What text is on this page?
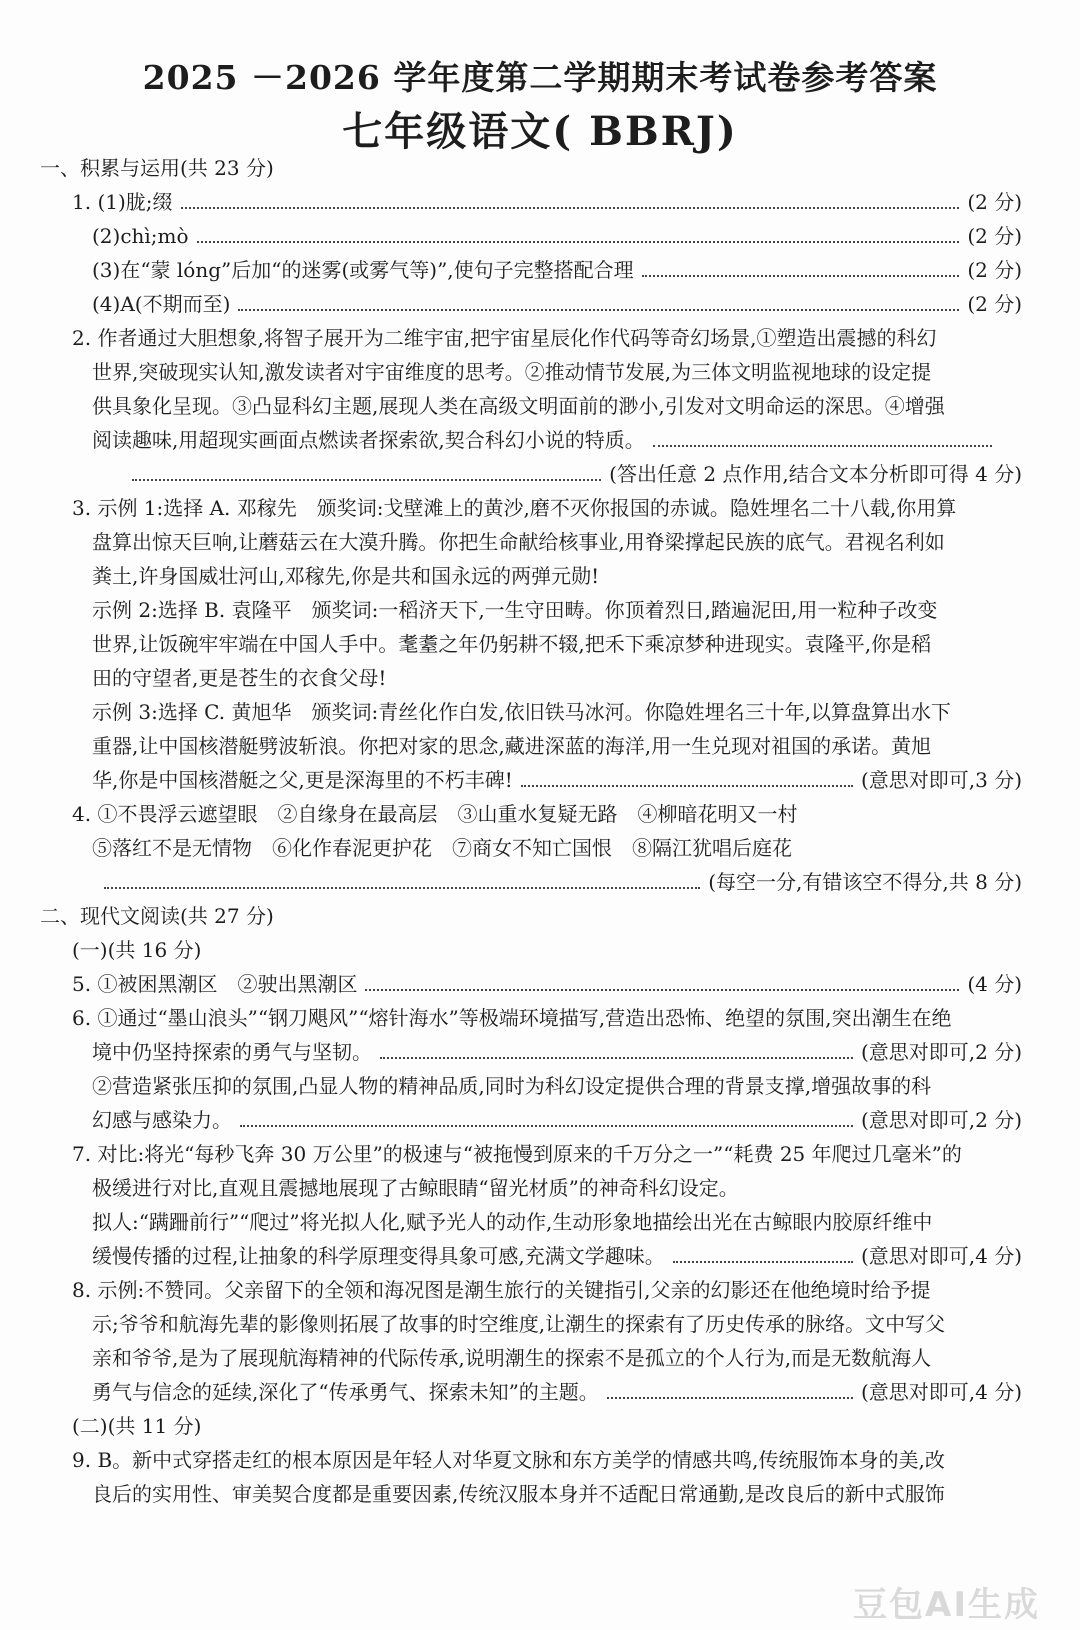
2025 －2026 学年度第二学期期末考试卷参考答案
七年级语文( BBRJ)
一、积累与运用(共 23 分)
1. (1)胧;缀	(2 分)
(2)chì;mò	(2 分)
(3)在“蒙 lóng”后加“的迷雾(或雾气等)”,使句子完整搭配合理	(2 分)
(4)A(不期而至)	(2 分)
2. 作者通过大胆想象,将智子展开为二维宇宙,把宇宙星辰化作代码等奇幻场景,①塑造出震撼的科幻
世界,突破现实认知,激发读者对宇宙维度的思考。②推动情节发展,为三体文明监视地球的设定提
供具象化呈现。③凸显科幻主题,展现人类在高级文明面前的渺小,引发对文明命运的深思。④增强
阅读趣味,用超现实画面点燃读者探索欲,契合科幻小说的特质。
(答出任意 2 点作用,结合文本分析即可得 4 分)
3. 示例 1:选择 A. 邓稼先　颁奖词:戈壁滩上的黄沙,磨不灭你报国的赤诚。隐姓埋名二十八载,你用算
盘算出惊天巨响,让蘑菇云在大漠升腾。你把生命献给核事业,用脊梁撑起民族的底气。君视名利如
粪土,许身国威壮河山,邓稼先,你是共和国永远的两弹元勋!
示例 2:选择 B. 袁隆平　颁奖词:一稻济天下,一生守田畴。你顶着烈日,踏遍泥田,用一粒种子改变
世界,让饭碗牢牢端在中国人手中。耄耋之年仍躬耕不辍,把禾下乘凉梦种进现实。袁隆平,你是稻
田的守望者,更是苍生的衣食父母!
示例 3:选择 C. 黄旭华　颁奖词:青丝化作白发,依旧铁马冰河。你隐姓埋名三十年,以算盘算出水下
重器,让中国核潜艇劈波斩浪。你把对家的思念,藏进深蓝的海洋,用一生兑现对祖国的承诺。黄旭
华,你是中国核潜艇之父,更是深海里的不朽丰碑!	(意思对即可,3 分)
4. ①不畏浮云遮望眼　②自缘身在最高层　③山重水复疑无路　④柳暗花明又一村
⑤落红不是无情物　⑥化作春泥更护花　⑦商女不知亡国恨　⑧隔江犹唱后庭花
(每空一分,有错该空不得分,共 8 分)
二、现代文阅读(共 27 分)
(一)(共 16 分)
5. ①被困黑潮区　②驶出黑潮区	(4 分)
6. ①通过“墨山浪头”“钢刀飓风”“熔针海水”等极端环境描写,营造出恐怖、绝望的氛围,突出潮生在绝
境中仍坚持探索的勇气与坚韧。	(意思对即可,2 分)
②营造紧张压抑的氛围,凸显人物的精神品质,同时为科幻设定提供合理的背景支撑,增强故事的科
幻感与感染力。	(意思对即可,2 分)
7. 对比:将光“每秒飞奔 30 万公里”的极速与“被拖慢到原来的千万分之一”“耗费 25 年爬过几毫米”的
极缓进行对比,直观且震撼地展现了古鲸眼睛“留光材质”的神奇科幻设定。
拟人:“蹒跚前行”“爬过”将光拟人化,赋予光人的动作,生动形象地描绘出光在古鲸眼内胶原纤维中
缓慢传播的过程,让抽象的科学原理变得具象可感,充满文学趣味。	(意思对即可,4 分)
8. 示例:不赞同。父亲留下的全领和海况图是潮生旅行的关键指引,父亲的幻影还在他绝境时给予提
示;爷爷和航海先辈的影像则拓展了故事的时空维度,让潮生的探索有了历史传承的脉络。文中写父
亲和爷爷,是为了展现航海精神的代际传承,说明潮生的探索不是孤立的个人行为,而是无数航海人
勇气与信念的延续,深化了“传承勇气、探索未知”的主题。	(意思对即可,4 分)
(二)(共 11 分)
9. B。新中式穿搭走红的根本原因是年轻人对华夏文脉和东方美学的情感共鸣,传统服饰本身的美,改
良后的实用性、审美契合度都是重要因素,传统汉服本身并不适配日常通勤,是改良后的新中式服饰
豆包AI生成
